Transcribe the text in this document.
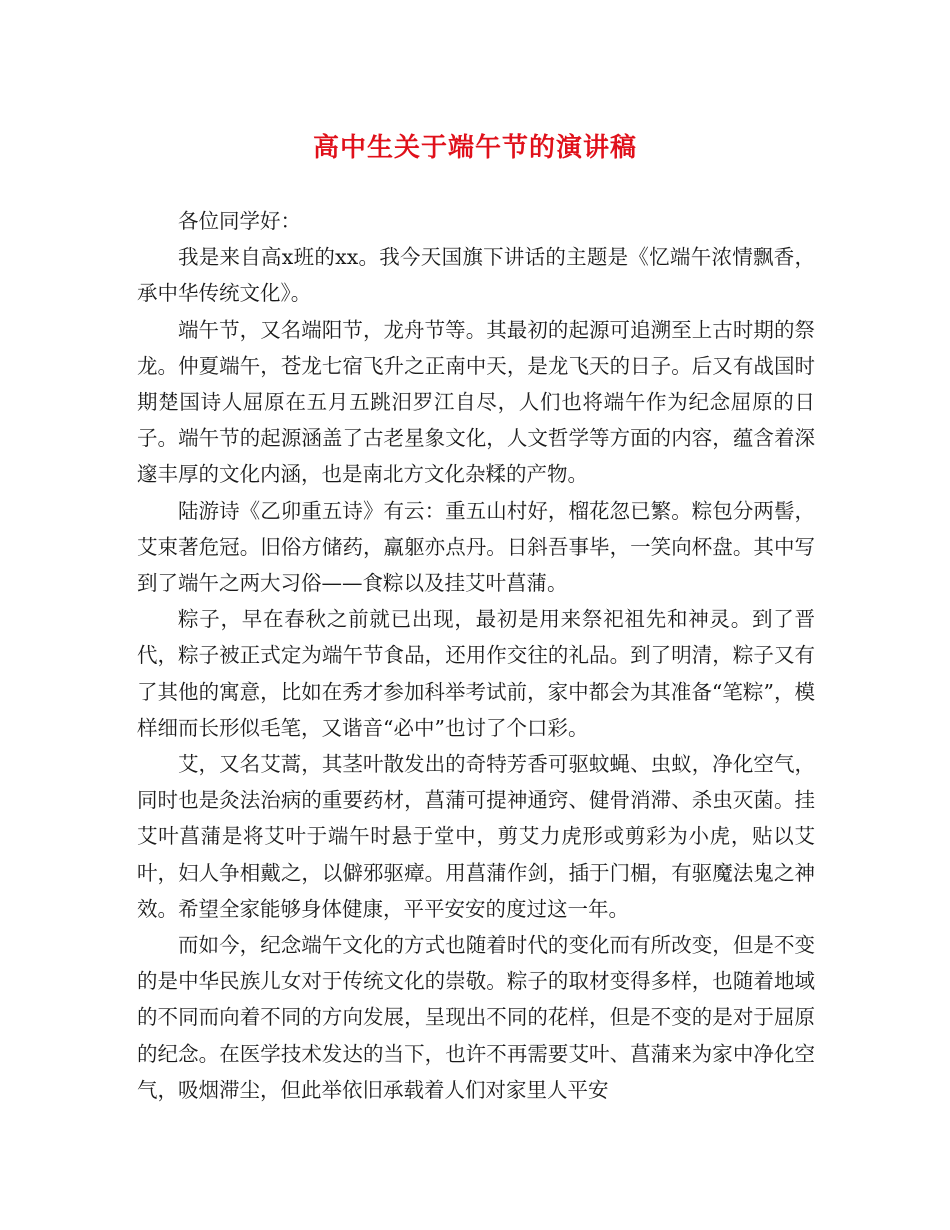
高中生关于端午节的演讲稿

各位同学好：

我是来自高x班的xx。我今天国旗下讲话的主题是《忆端午浓情飘香，承中华传统文化》。

端午节，又名端阳节，龙舟节等。其最初的起源可追溯至上古时期的祭龙。仲夏端午，苍龙七宿飞升之正南中天，是龙飞天的日子。后又有战国时期楚国诗人屈原在五月五跳汨罗江自尽，人们也将端午作为纪念屈原的日子。端午节的起源涵盖了古老星象文化，人文哲学等方面的内容，蕴含着深邃丰厚的文化内涵，也是南北方文化杂糅的产物。

陆游诗《乙卯重五诗》有云：重五山村好，榴花忽已繁。粽包分两髻，艾束著危冠。旧俗方储药，羸躯亦点丹。日斜吾事毕，一笑向杯盘。其中写到了端午之两大习俗——食粽以及挂艾叶菖蒲。

粽子，早在春秋之前就已出现，最初是用来祭祀祖先和神灵。到了晋代，粽子被正式定为端午节食品，还用作交往的礼品。到了明清，粽子又有了其他的寓意，比如在秀才参加科举考试前，家中都会为其准备“笔粽”，模样细而长形似毛笔，又谐音“必中”也讨了个口彩。

艾，又名艾蒿，其茎叶散发出的奇特芳香可驱蚊蝇、虫蚁，净化空气，同时也是灸法治病的重要药材，菖蒲可提神通窍、健骨消滞、杀虫灭菌。挂艾叶菖蒲是将艾叶于端午时悬于堂中，剪艾力虎形或剪彩为小虎，贴以艾叶，妇人争相戴之，以僻邪驱瘴。用菖蒲作剑，插于门楣，有驱魔法鬼之神效。希望全家能够身体健康，平平安安的度过这一年。

而如今，纪念端午文化的方式也随着时代的变化而有所改变，但是不变的是中华民族儿女对于传统文化的崇敬。粽子的取材变得多样，也随着地域的不同而向着不同的方向发展，呈现出不同的花样，但是不变的是对于屈原的纪念。在医学技术发达的当下，也许不再需要艾叶、菖蒲来为家中净化空气，吸烟滞尘，但此举依旧承载着人们对家里人平安
